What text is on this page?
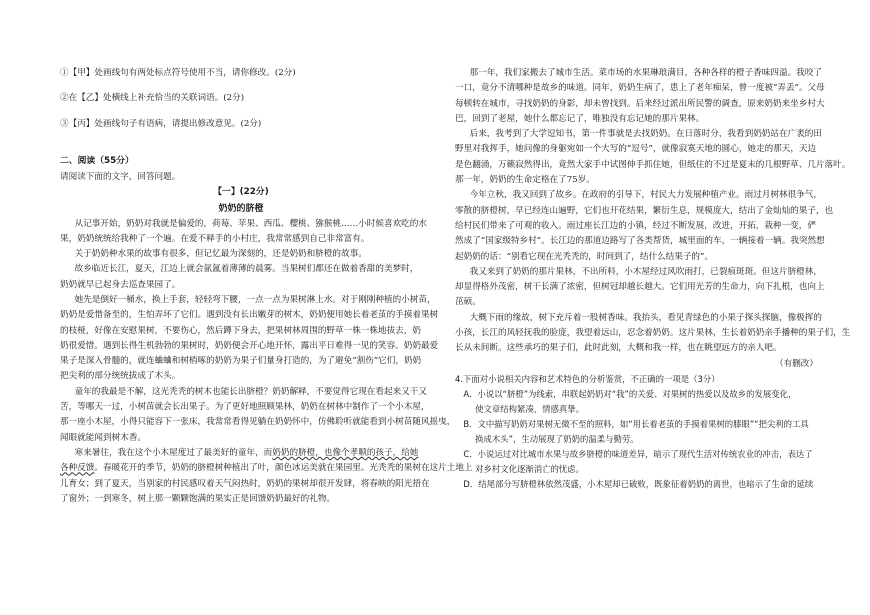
①【甲】处画线句有两处标点符号使用不当，请你修改。(2分)
②在【乙】处横线上补充恰当的关联词语。(2分)
③【丙】处画线句子有语病，请提出修改意见。(2分)
二、阅读（55分）
请阅读下面的文字，回答问题。
【一】(22分)
奶奶的脐橙
从记事开始，奶奶对我就是偏爱的，荷莓、苹果、西瓜、樱桃、猕猴桃……小时候喜欢吃的水
果，奶奶统统给我种了一个遍。在爱不释手的小村庄，我常常感到自己非常富有。
关于奶奶种水果的故事有很多，但记忆最为深刻的，还是奶奶和脐橙的故事。
故乡临近长江，夏天，江边上就会氤氲着薄薄的晨雾。当果树们都还在做着香甜的美梦时，
奶奶就早已起身去巡查果园了。
她先是倒好一桶水，换上手套，轻轻弯下腰，一点一点为果树淋上水。对于刚刚种植的小树苗，
奶奶是爱惜备至的，生怕弄坏了它们。遇到没有长出嫩芽的树木，奶奶便用她长着老茧的手摸着果树
的枝桠，好像在安慰果树，不要伤心，然后蹲下身去，把果树林周围的野草一株一株地拔去，奶
奶很爱惜。遇到长得生机勃勃的果树时，奶奶便会开心地开怀，露出平日难得一见的笑容。奶奶最爱
果子是深入骨髓的，就连蛐蛐和树梢啄的奶奶为果子们量身打造的，为了避免“割伤”它们，奶奶
把尖利的部分统统拔成了木头。
童年的我最是不解，这光秃秃的树木也能长出脐橙？奶奶解释，不要觉得它现在看起来又干又
苦，等哪天一过，小树苗就会长出果子。为了更好地照顾果林，奶奶在树林中制作了一个小木屋，
那一座小木屋，小得只能容下一张床，我常常看得见躺在奶奶怀中，仿佛聆听就能看到小树苗随风摇曳，
闻眼就能闻到树木香。
寒来暑往，我在这个小木屋度过了最美好的童年，而奶奶的脐橙，也像个孝顺的孩子，给她
各种反馈。春暖花开的季节，奶奶的脐橙树种植出了叶，颜色冰运美就在果园里。光秃秃的果树在这片土地上
儿育女；到了夏天，当别家的村民感叹着天气闷热时，奶奶的果树却很开发肆，将春映的阳光捂在
了窗外；一到寒冬，树上那一颗颗饱满的果实正是回馈奶奶最好的礼物。
那一年，我们家搬去了城市生活。菜市场的水果琳琅满目，各种各样的橙子香味四溢。我咬了
一口，竟分不清哪种是故乡的味道。同年，奶奶生病了，患上了老年痴呆，曾一度被“弄丢”。父母
每顿转在城市，寻找奶奶的身影，却未曾找到。后来经过派出所民警的调查，原来奶奶来坐乡村大
巴，回到了老屋，她什么都忘记了，唯独没有忘记她的那片果林。
后来，我考到了大学逗知书，第一件事就是去找奶奶。在日落时分，我看到奶奶站在广袤的田
野里对我挥手，她问像的身躯宛如一个大写的“逗号”，就像寂寞天地的圆心，她走的那天，天边
是色翻涌，万籁寂然得出，竟然大家手中试图伸手抓住她，但纸住的不过是夏末的几根野草、几片落叶。
那一年，奶奶的生命定格在了75岁。
今年立秋，我又回到了故乡。在政府的引导下，村民大力发展种植产业。雨过月树林很争气，
零散的脐橙树，早已经连山遍野，它们也开花结果，繁衍生息，规模庞大，结出了金灿灿的果子，也
给村民们带来了可观的收入。雨过座长江边的小镇，经过不断发展，改进，开拓，栽种一变，俨
然成了“国家级特乡村”。长江边的那道边路写了各类帮货，城里面的车，一辆接着一辆。我突然想
起奶奶的话：“别看它现在光秃秃的，时间到了，结什么结果子的”。
我又来到了奶奶的那片果林，不出所料，小木屋经过风吹雨打，已裂痕斑斑。但这片脐橙林，
却显得格外茂密，树干长满了浓密，但树冠却越长越大。它们用光芳的生命力，向下扎根，也向上
茁硕。
大概下雨的缘故，树下充斥着一股树香味。我抬头，看见青绿色的小果子探头探脑，像极挥的
小孩，长江的风轻抚我的脸庞，我望着远山，忍念着奶奶。这片果林，生长着奶奶亲手播种的果子们，生
长从未间断。这些承巧的果子们，此时此刻，大概和我一样，也在眺望远方的亲人吧。
（有删改）
4.下面对小说相关内容和艺术特色的分析鉴赏，不正确的一项是（3分）
A．小说以“脐橙”为线索，串联起奶奶对“我”的关爱、对果树的热爱以及故乡的发展变化，
使文章结构紧凑，情感真挚。
B．文中描写奶奶对果树无微不至的照料，如“用长着老茧的手摸着果树的膝眼”“把尖利的工具
换成木头”，生动展现了奶奶的温柔与勤劳。
C．小说运过对比城市水果与故乡脐橙的味道差异，暗示了现代生活对传统农业的冲击，表达了
对乡村文化逐渐消亡的忧虑。
D．结尾部分写脐橙林依然茂盛，小木屋却已破败，既象征着奶奶的离世，也暗示了生命的延续
